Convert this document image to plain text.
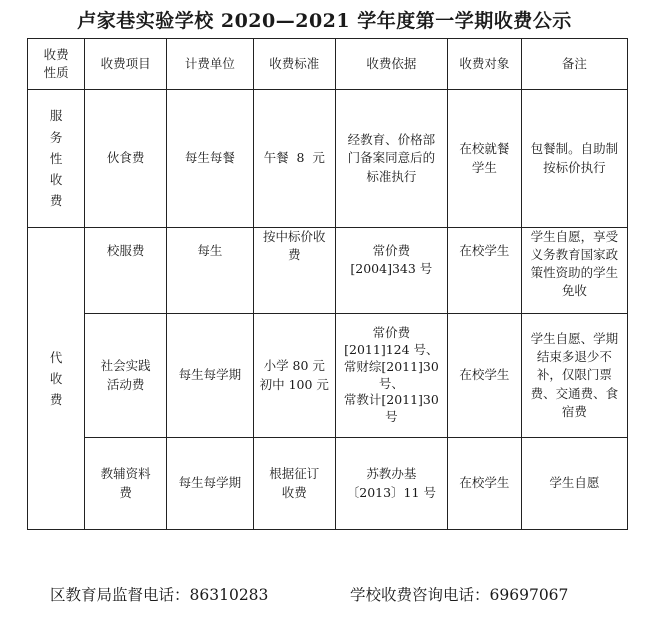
卢家巷实验学校 2020—2021 学年度第一学期收费公示
收费
性质	收费项目	计费单位	收费标准	收费依据	收费对象	备注
服
务
性
收
费	伙食费	每生每餐	午餐  8  元	经教育、价格部门备案同意后的标准执行	在校就餐学生	包餐制。自助制按标价执行
代
收
费	校服费	每生	按中标价收费	常价费
[2004]343 号	在校学生	学生自愿，享受义务教育国家政策性资助的学生免收
	社会实践活动费	每生每学期	小学 80 元
初中 100 元	常价费
[2011]124 号、常财综[2011]30 号、
常教计[2011]30 号	在校学生	学生自愿、学期结束多退少不补，仅限门票费、交通费、食宿费
	教辅资料费	每生每学期	根据征订收费	苏教办基
〔2013〕11 号	在校学生	学生自愿
区教育局监督电话：86310283	学校收费咨询电话：69697067
